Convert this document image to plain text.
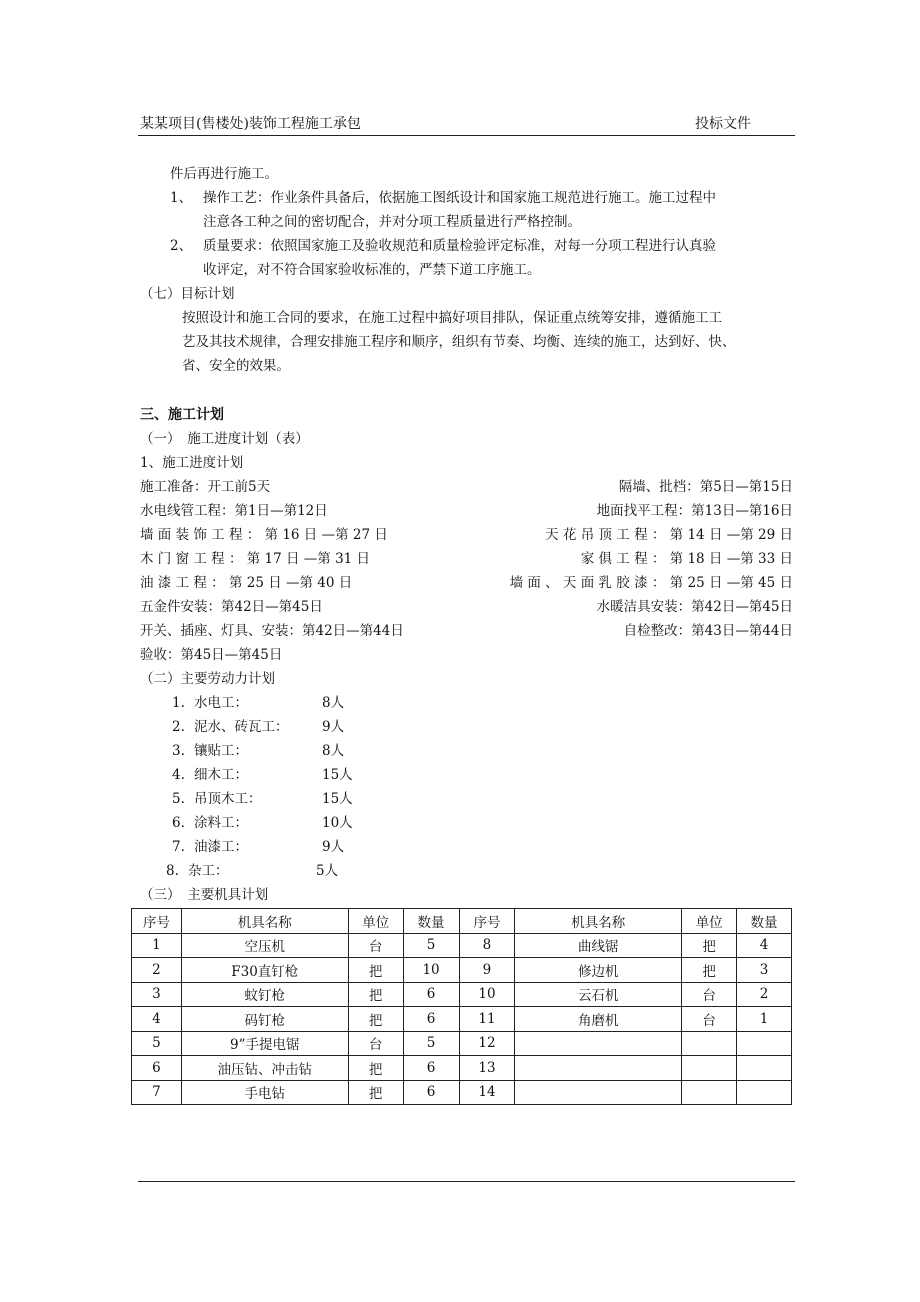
某某项目(售楼处)装饰工程施工承包	投标文件
件后再进行施工。
1、 操作工艺：作业条件具备后，依据施工图纸设计和国家施工规范进行施工。施工过程中
注意各工种之间的密切配合，并对分项工程质量进行严格控制。
2、 质量要求：依照国家施工及验收规范和质量检验评定标准，对每一分项工程进行认真验
收评定，对不符合国家验收标准的，严禁下道工序施工。
（七）目标计划
按照设计和施工合同的要求，在施工过程中搞好项目排队，保证重点统筹安排，遵循施工工
艺及其技术规律，合理安排施工程序和顺序，组织有节奏、均衡、连续的施工，达到好、快、
省、安全的效果。
三、施工计划
（一）　施工进度计划（表）
1、施工进度计划
施工准备：开工前5天	隔墙、批档：第5日—第15日
水电线管工程：第1日—第12日	地面找平工程：第13日—第16日
墙 面 装 饰 工 程 ： 第 16 日 —第 27 日	天 花 吊 顶 工 程 ： 第 14 日 —第 29 日
木 门 窗 工 程 ： 第 17 日 —第 31 日	家 俱 工 程 ： 第 18 日 —第 33 日
油 漆 工 程 ： 第 25 日 —第 40 日	墙 面 、 天 面 乳 胶 漆 ： 第 25 日 —第 45 日
五金件安装：第42日—第45日	水暖洁具安装：第42日—第45日
开关、插座、灯具、安装：第42日—第44日	自检整改：第43日—第44日
验收：第45日—第45日
（二）主要劳动力计划
1. 水电工：	8人
2. 泥水、砖瓦工： 9人
3. 镶贴工：	8人
4. 细木工：	15人
5. 吊顶木工：	15人
6. 涂料工：	10人
7. 油漆工：	9人
8. 杂工：	5人
（三）　主要机具计划
序号	机具名称	单位	数量	序号	机具名称	单位	数量
1	空压机	台	5	8	曲线锯	把	4
2	F30直钉枪	把	10	9	修边机	把	3
3	蚊钉枪	把	6	10	云石机	台	2
4	码钉枪	把	6	11	角磨机	台	1
5	9”手提电锯	台	5	12			
6	油压钻、冲击钻	把	6	13			
7	手电钻	把	6	14			
